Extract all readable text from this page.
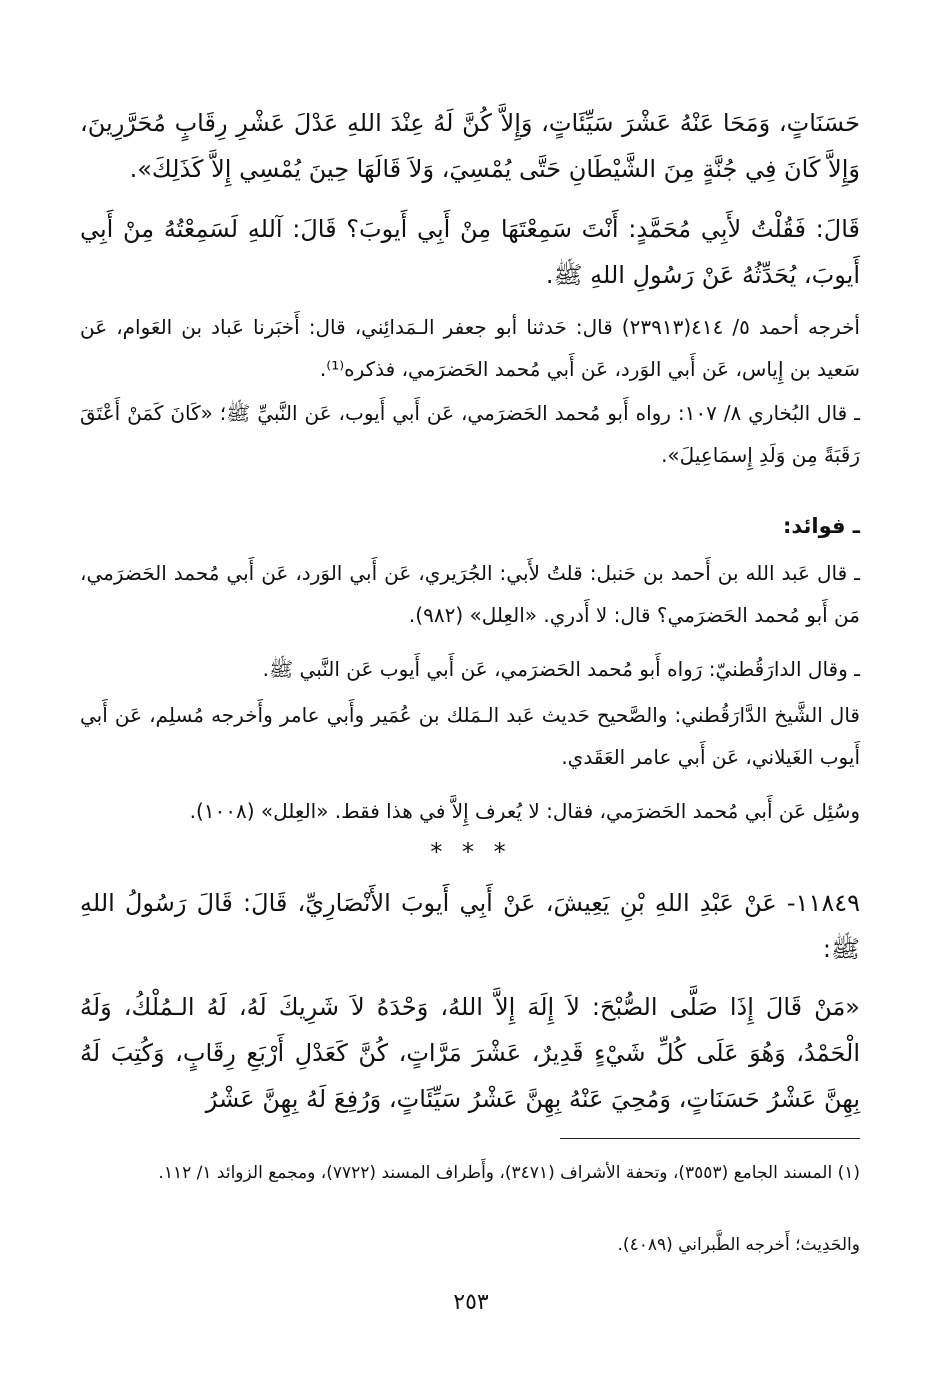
حَسَنَاتٍ، وَمَحَا عَنْهُ عَشْرَ سَيِّئَاتٍ، وَإِلاَّ كُنَّ لَهُ عِنْدَ اللهِ عَدْلَ عَشْرِ رِقَابٍ مُحَرَّرِينَ، وَإِلاَّ كَانَ فِي جُنَّةٍ مِنَ الشَّيْطَانِ حَتَّى يُمْسِيَ، وَلاَ قَالَهَا حِينَ يُمْسِي إِلاَّ كَذَلِكَ».

قَالَ: فَقُلْتُ لأَبِي مُحَمَّدٍ: أَنْتَ سَمِعْتَهَا مِنْ أَبِي أَيوبَ؟ قَالَ: آللهِ لَسَمِعْتُهُ مِنْ أَبِي أَيوبَ، يُحَدِّثُهُ عَنْ رَسُولِ اللهِ ﷺ.

أخرجه أحمد ٥/ ٤١٤(٢٣٩١٣) قال: حَدثنا أبو جعفر الـمَدائِني، قال: أَخبَرنا عَباد بن العَوام، عَن سَعيد بن إِياس، عَن أَبي الوَرد، عَن أَبي مُحمد الحَضرَمي، فذكره⁽¹⁾.

ـ قال البُخاري ٨/ ١٠٧: رواه أَبو مُحمد الحَضرَمي، عَن أَبي أَيوب، عَن النَّبيِّ ﷺ؛ «كَانَ كَمَنْ أَعْتَقَ رَقَبَةً مِن وَلَدِ إِسمَاعِيلَ».

ـ فوائد:

ـ قال عَبد الله بن أَحمد بن حَنبل: قلتُ لأَبي: الجُرَيري، عَن أَبي الوَرد، عَن أَبي مُحمد الحَضرَمي، مَن أَبو مُحمد الحَضرَمي؟ قال: لا أَدري. «العِلل» (٩٨٢).

ـ وقال الدارَقُطنيّ: رَواه أَبو مُحمد الحَضرَمي، عَن أَبي أَيوب عَن النَّبي ﷺ.

قال الشَّيخ الدَّارَقُطني: والصَّحيح حَديث عَبد الـمَلك بن عُمَير وأَبي عامر وأَخرجه مُسلِم، عَن أَبي أَيوب الغَيلاني، عَن أَبي عامر العَقَدي.

وسُئِل عَن أَبي مُحمد الحَضرَمي، فقال: لا يُعرف إِلاَّ في هذا فقط. «العِلل» (١٠٠٨).

* * *

١١٨٤٩- عَنْ عَبْدِ اللهِ بْنِ يَعِيشَ، عَنْ أَبِي أَيوبَ الأَنْصَارِيِّ، قَالَ: قَالَ رَسُولُ اللهِ ﷺ:

«مَنْ قَالَ إِذَا صَلَّى الصُّبْحَ: لاَ إِلَهَ إِلاَّ اللهُ، وَحْدَهُ لاَ شَرِيكَ لَهُ، لَهُ الـمُلْكُ، وَلَهُ الْحَمْدُ، وَهُوَ عَلَى كُلِّ شَيْءٍ قَدِيرٌ، عَشْرَ مَرَّاتٍ، كُنَّ كَعَدْلِ أَرْبَعِ رِقَابٍ، وَكُتِبَ لَهُ بِهِنَّ عَشْرُ حَسَنَاتٍ، وَمُحِيَ عَنْهُ بِهِنَّ عَشْرُ سَيِّئَاتٍ، وَرُفِعَ لَهُ بِهِنَّ عَشْرُ

(١) المسند الجامع (٣٥٥٣)، وتحفة الأشراف (٣٤٧١)، وأَطراف المسند (٧٧٢٢)، ومجمع الزوائد ١/ ١١٢.

والحَدِيث؛ أَخرجه الطَّبراني (٤٠٨٩).

٢٥٣
